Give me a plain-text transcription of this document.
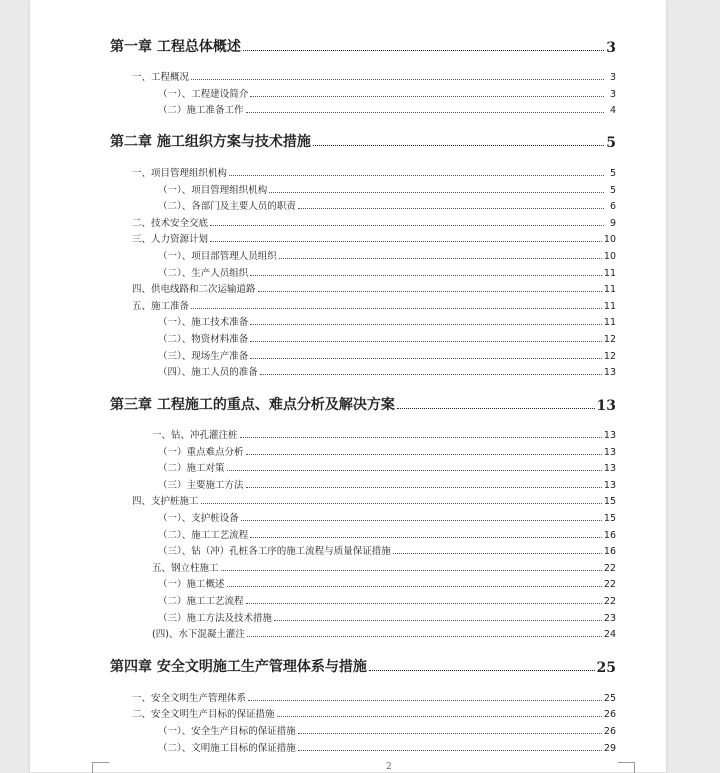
第一章 工程总体概述	3
一、工程概况	3
（一）、工程建设简介	3
（二）施工准备工作	4
第二章 施工组织方案与技术措施	5
一、项目管理组织机构	5
（一）、项目管理组织机构	5
（二）、各部门及主要人员的职责	6
二、技术安全交底	9
三、人力资源计划	10
（一）、项目部管理人员组织	10
（二）、生产人员组织	11
四、供电线路和二次运输道路	11
五、施工准备	11
（一）、施工技术准备	11
（二）、物资材料准备	12
（三）、现场生产准备	12
（四）、施工人员的准备	13
第三章 工程施工的重点、难点分析及解决方案	13
一、钻、冲孔灌注桩	13
（一）重点难点分析	13
（二）施工对策	13
（三）主要施工方法	13
四、支护桩施工	15
（一）、支护桩设备	15
（二）、施工工艺流程	16
（三）、钻（冲）孔桩各工序的施工流程与质量保证措施	16
五、钢立柱施工	22
（一）施工概述	22
（二）施工工艺流程	22
（三）施工方法及技术措施	23
(四)、水下混凝土灌注	24
第四章 安全文明施工生产管理体系与措施	25
一、安全文明生产管理体系	25
二、安全文明生产目标的保证措施	26
（一）、安全生产目标的保证措施	26
（二）、文明施工目标的保证措施	29
2
